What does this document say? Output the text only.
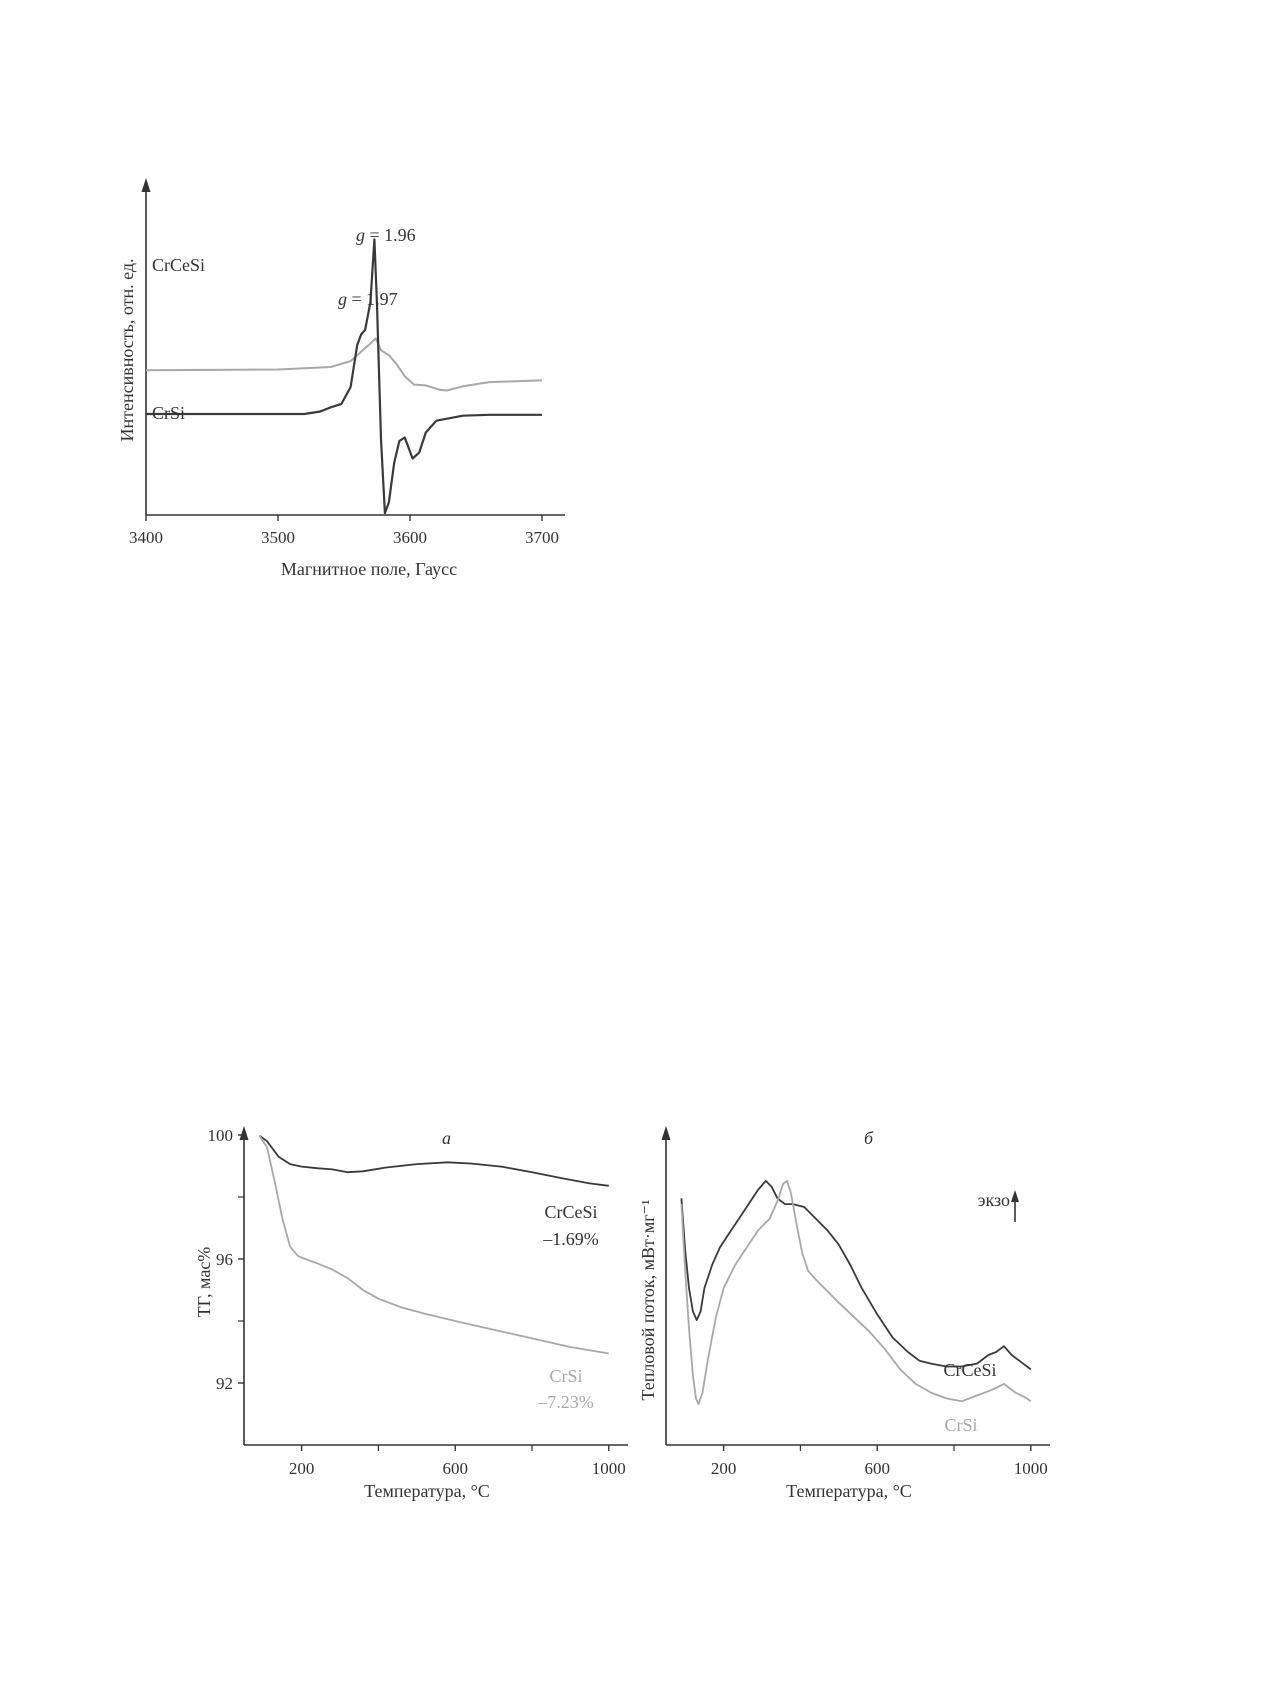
3400	3500	3600	3700
CrCeSi
CrSi
g = 1.96
g = 1.97
Магнитное поле, Гаусс
Интенсивность, отн. ед.
200	600	1000
92
96
100	а
CrCeSi
–1.69%
CrSi
–7.23%
Температура, °С
ТГ, мас%
200	600	1000
б
экзо
CrCeSi
CrSi
Температура, °С
Тепловой поток, мВт·мг⁻¹
